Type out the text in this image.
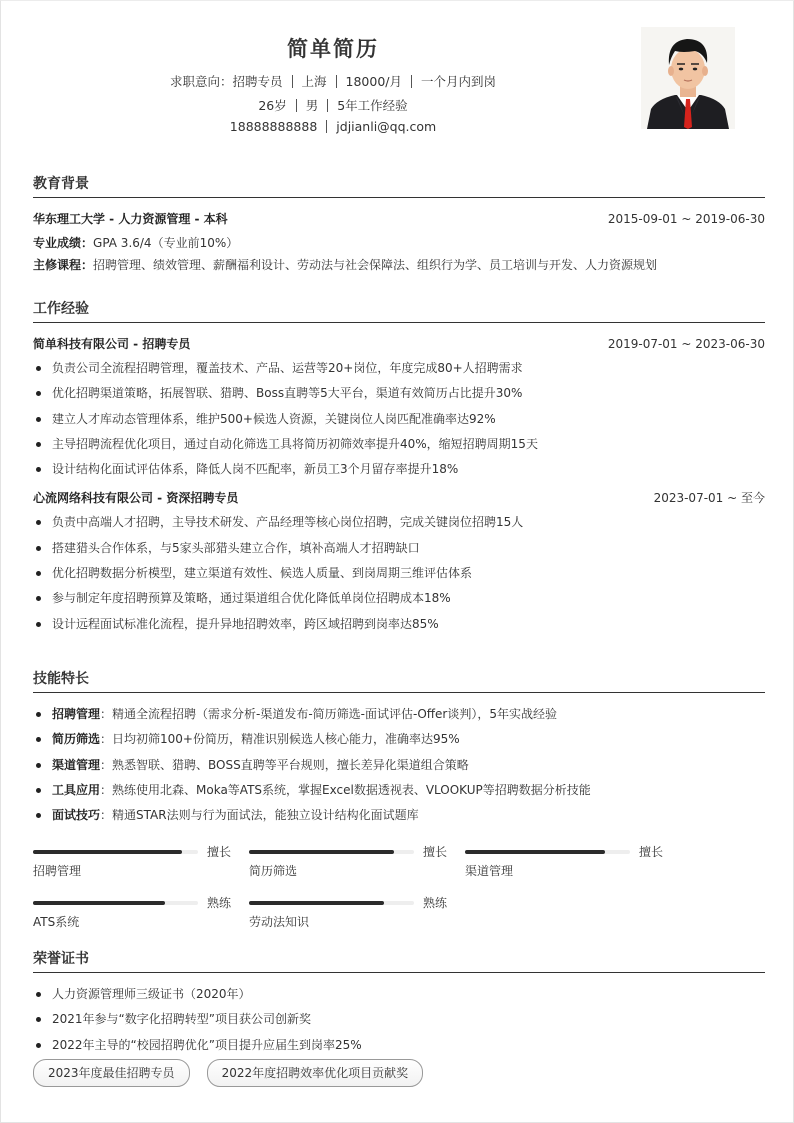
简单简历
求职意向：招聘专员 上海 18000/月 一个月内到岗
26岁 男 5年工作经验
18888888888 jdjianli@qq.com
教育背景
华东理工大学 - 人力资源管理 - 本科	2015-09-01 ~ 2019-06-30
专业成绩：GPA 3.6/4（专业前10%）
主修课程：招聘管理、绩效管理、薪酬福利设计、劳动法与社会保障法、组织行为学、员工培训与开发、人力资源规划
工作经验
简单科技有限公司 - 招聘专员	2019-07-01 ~ 2023-06-30
负责公司全流程招聘管理，覆盖技术、产品、运营等20+岗位，年度完成80+人招聘需求
优化招聘渠道策略，拓展智联、猎聘、Boss直聘等5大平台，渠道有效简历占比提升30%
建立人才库动态管理体系，维护500+候选人资源，关键岗位人岗匹配准确率达92%
主导招聘流程优化项目，通过自动化筛选工具将简历初筛效率提升40%，缩短招聘周期15天
设计结构化面试评估体系，降低人岗不匹配率，新员工3个月留存率提升18%
心流网络科技有限公司 - 资深招聘专员	2023-07-01 ~ 至今
负责中高端人才招聘，主导技术研发、产品经理等核心岗位招聘，完成关键岗位招聘15人
搭建猎头合作体系，与5家头部猎头建立合作，填补高端人才招聘缺口
优化招聘数据分析模型，建立渠道有效性、候选人质量、到岗周期三维评估体系
参与制定年度招聘预算及策略，通过渠道组合优化降低单岗位招聘成本18%
设计远程面试标准化流程，提升异地招聘效率，跨区域招聘到岗率达85%
技能特长
招聘管理：精通全流程招聘（需求分析-渠道发布-简历筛选-面试评估-Offer谈判），5年实战经验
简历筛选：日均初筛100+份简历，精准识别候选人核心能力，准确率达95%
渠道管理：熟悉智联、猎聘、BOSS直聘等平台规则，擅长差异化渠道组合策略
工具应用：熟练使用北森、Moka等ATS系统，掌握Excel数据透视表、VLOOKUP等招聘数据分析技能
面试技巧：精通STAR法则与行为面试法，能独立设计结构化面试题库
擅长
招聘管理
擅长
简历筛选
擅长
渠道管理
熟练
ATS系统
熟练
劳动法知识
荣誉证书
人力资源管理师三级证书（2020年）
2021年参与“数字化招聘转型”项目获公司创新奖
2022年主导的“校园招聘优化”项目提升应届生到岗率25%
2023年度最佳招聘专员	2022年度招聘效率优化项目贡献奖
